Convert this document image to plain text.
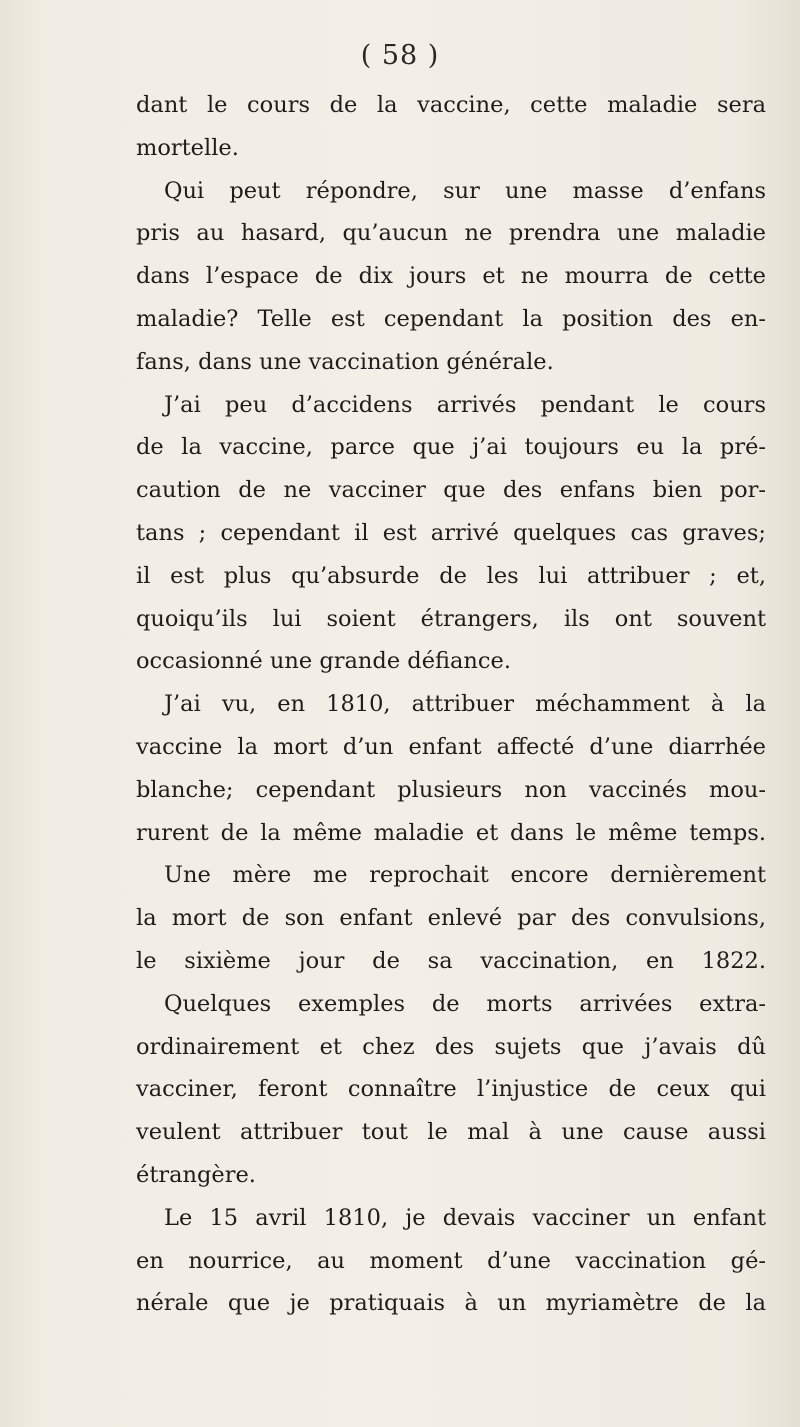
( 58 )
dant le cours de la vaccine, cette maladie sera
mortelle.
Qui peut répondre, sur une masse d’enfans
pris au hasard, qu’aucun ne prendra une maladie
dans l’espace de dix jours et ne mourra de cette
maladie? Telle est cependant la position des en-
fans, dans une vaccination générale.
J’ai peu d’accidens arrivés pendant le cours
de la vaccine, parce que j’ai toujours eu la pré-
caution de ne vacciner que des enfans bien por-
tans ; cependant il est arrivé quelques cas graves;
il est plus qu’absurde de les lui attribuer ; et,
quoiqu’ils lui soient étrangers, ils ont souvent
occasionné une grande défiance.
J’ai vu, en 1810, attribuer méchamment à la
vaccine la mort d’un enfant affecté d’une diarrhée
blanche; cependant plusieurs non vaccinés mou-
rurent de la même maladie et dans le même temps.
Une mère me reprochait encore dernièrement
la mort de son enfant enlevé par des convulsions,
le sixième jour de sa vaccination, en 1822.
Quelques exemples de morts arrivées extra-
ordinairement et chez des sujets que j’avais dû
vacciner, feront connaître l’injustice de ceux qui
veulent attribuer tout le mal à une cause aussi
étrangère.
Le 15 avril 1810, je devais vacciner un enfant
en nourrice, au moment d’une vaccination gé-
nérale que je pratiquais à un myriamètre de la
